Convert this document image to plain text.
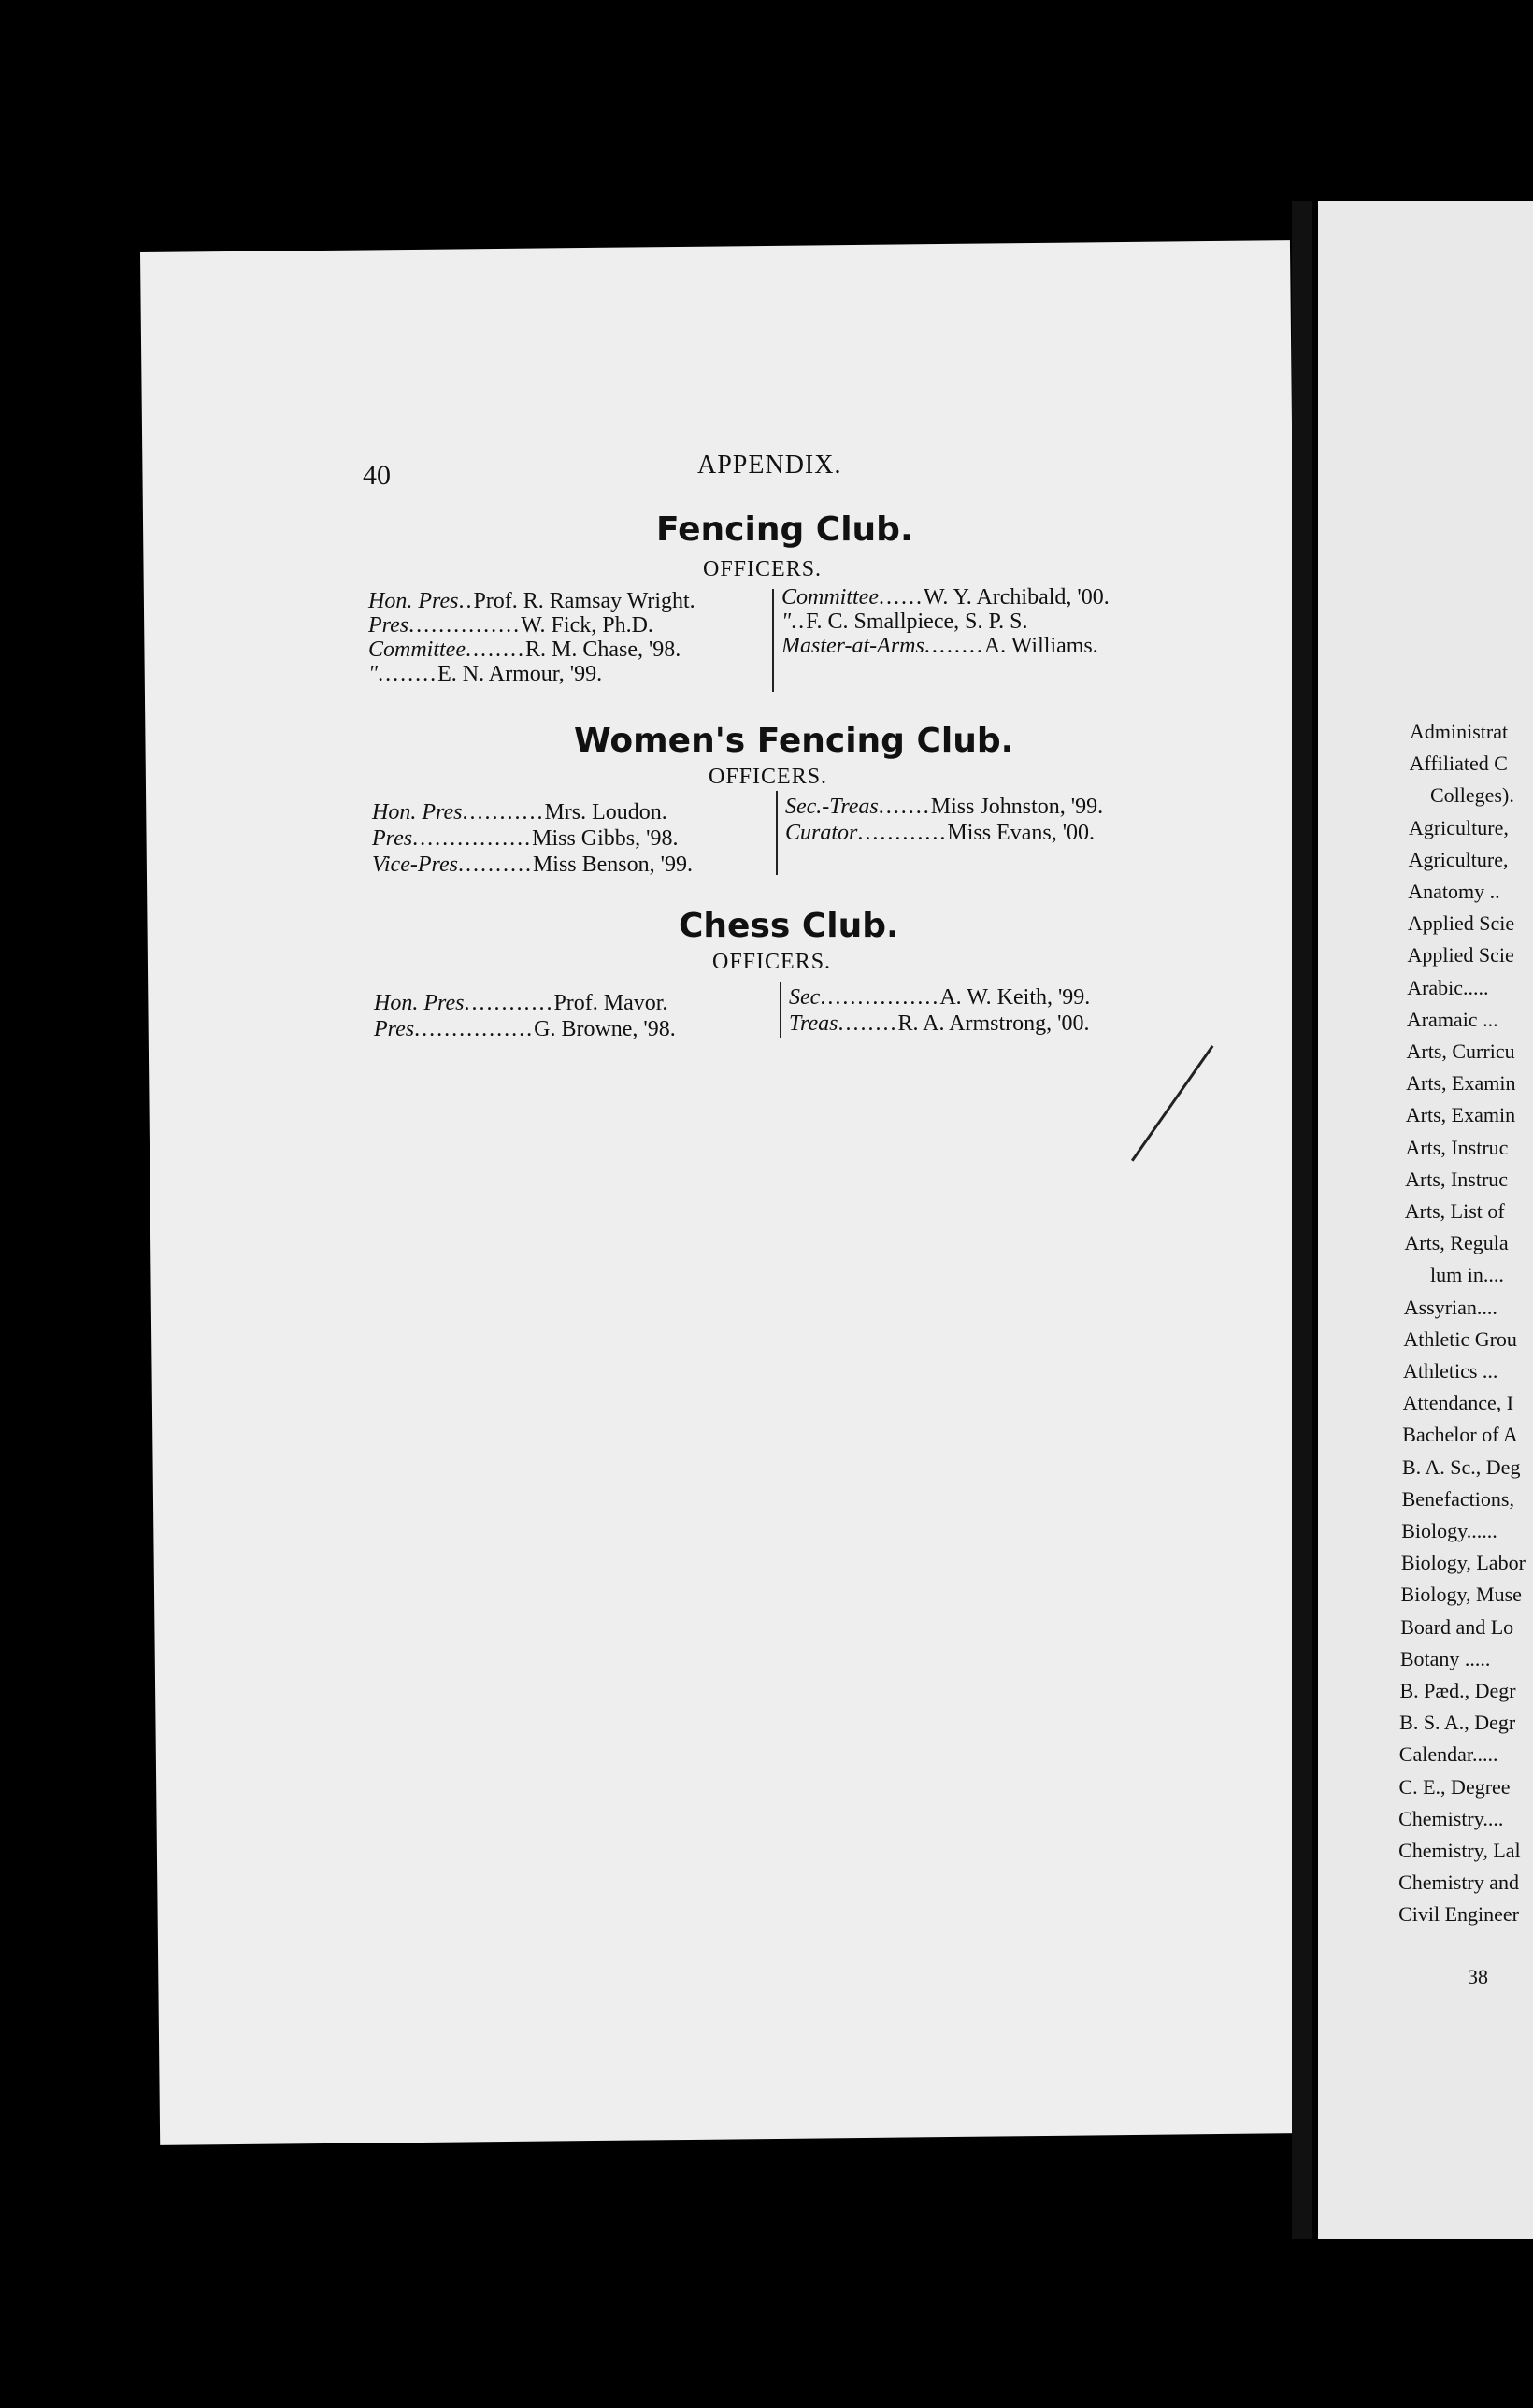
40	APPENDIX.
Fencing Club.
OFFICERS.
Hon. Pres..Prof. R. Ramsay Wright.
Pres...............W. Fick, Ph.D.
Committee........R. M. Chase, '98.
"........E. N. Armour, '99.
Committee......W. Y. Archibald, '00.
"..F. C. Smallpiece, S. P. S.
Master-at-Arms........A. Williams.
Women's Fencing Club.
OFFICERS.
Hon. Pres...........Mrs. Loudon.
Pres................Miss Gibbs, '98.
Vice-Pres..........Miss Benson, '99.
Sec.-Treas.......Miss Johnston, '99.
Curator............Miss Evans, '00.
Chess Club.
OFFICERS.
Hon. Pres............Prof. Mavor.
Pres................G. Browne, '98.
Sec................A. W. Keith, '99.
Treas........R. A. Armstrong, '00.
Administrat
Affiliated C
Colleges).
Agriculture,
Agriculture,
Anatomy ..
Applied Scie
Applied Scie
Arabic.....
Aramaic ...
Arts, Curricu
Arts, Examin
Arts, Examin
Arts, Instruc
Arts, Instruc
Arts, List of
Arts, Regula
lum in....
Assyrian....
Athletic Grou
Athletics ...
Attendance, I
Bachelor of A
B. A. Sc., Deg
Benefactions,
Biology......
Biology, Labor
Biology, Muse
Board and Lo
Botany .....
B. Pæd., Degr
B. S. A., Degr
Calendar.....
C. E., Degree
Chemistry....
Chemistry, Lal
Chemistry and
Civil Engineer
38
